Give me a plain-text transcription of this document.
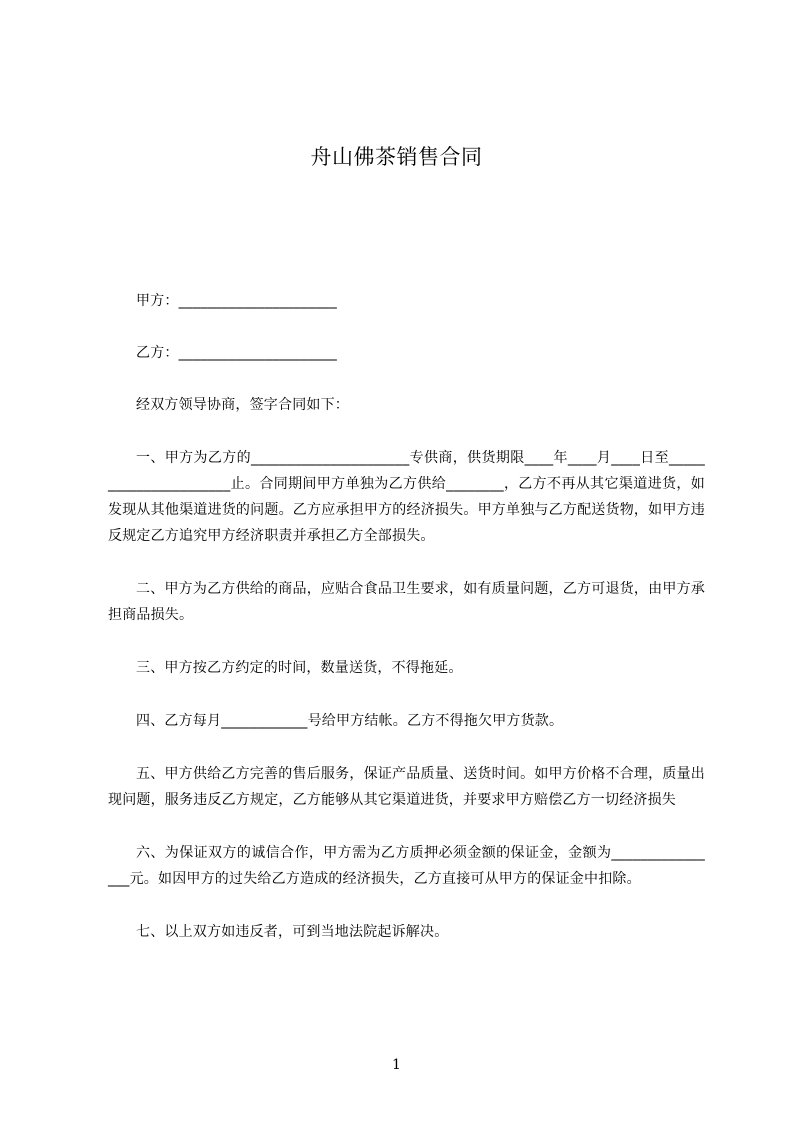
舟山佛茶销售合同

甲方：______________________

乙方：______________________

经双方领导协商，签字合同如下：

一、甲方为乙方的______________________专供商，供货期限____年____月____日至______________________止。合同期间甲方单独为乙方供给________，乙方不再从其它渠道进货，如发现从其他渠道进货的问题。乙方应承担甲方的经济损失。甲方单独与乙方配送货物，如甲方违反规定乙方追究甲方经济职责并承担乙方全部损失。

二、甲方为乙方供给的商品，应贴合食品卫生要求，如有质量问题，乙方可退货，由甲方承担商品损失。

三、甲方按乙方约定的时间，数量送货，不得拖延。

四、乙方每月____________号给甲方结帐。乙方不得拖欠甲方货款。

五、甲方供给乙方完善的售后服务，保证产品质量、送货时间。如甲方价格不合理，质量出现问题，服务违反乙方规定，乙方能够从其它渠道进货，并要求甲方赔偿乙方一切经济损失

六、为保证双方的诚信合作，甲方需为乙方质押必须金额的保证金，金额为________________元。如因甲方的过失给乙方造成的经济损失，乙方直接可从甲方的保证金中扣除。

七、以上双方如违反者，可到当地法院起诉解决。

1
